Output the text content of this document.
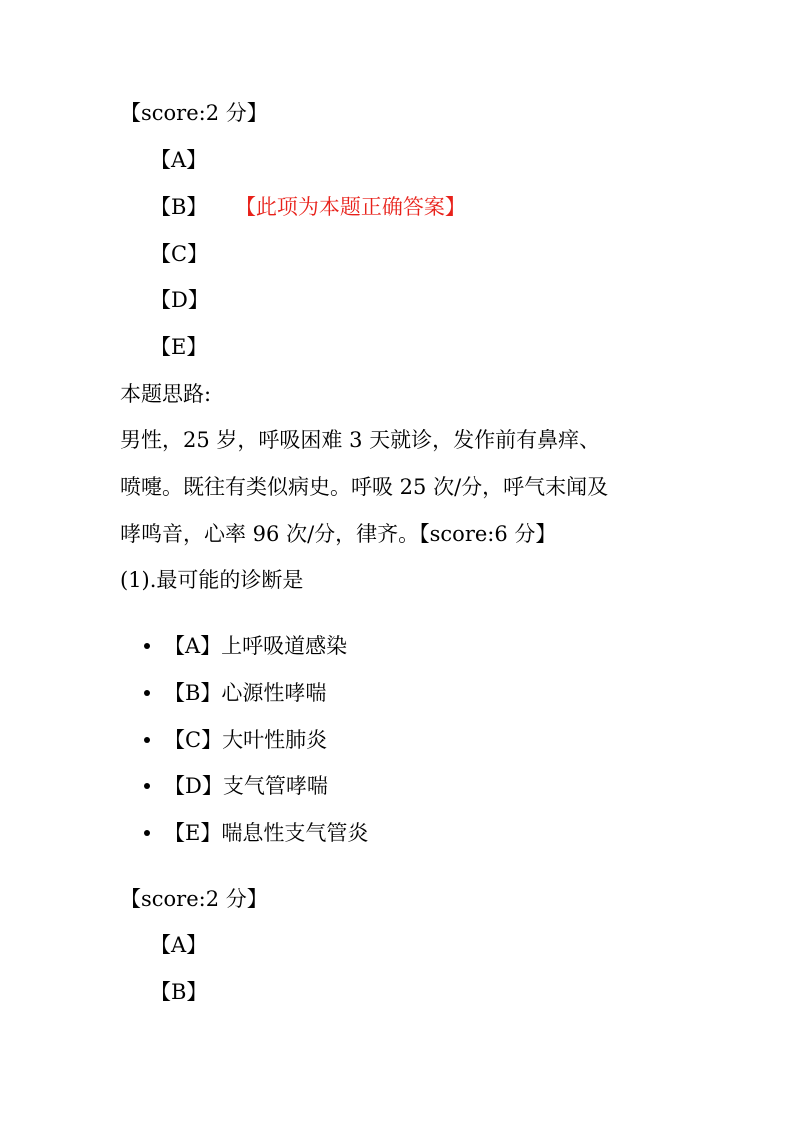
【score:2 分】
【A】
【B】 【此项为本题正确答案】
【C】
【D】
【E】
本题思路:
男性，25 岁，呼吸困难 3 天就诊，发作前有鼻痒、
喷嚏。既往有类似病史。呼吸 25 次/分，呼气末闻及
哮鸣音，心率 96 次/分，律齐。【score:6 分】
(1).最可能的诊断是
【A】上呼吸道感染
【B】心源性哮喘
【C】大叶性肺炎
【D】支气管哮喘
【E】喘息性支气管炎
【score:2 分】
【A】
【B】
